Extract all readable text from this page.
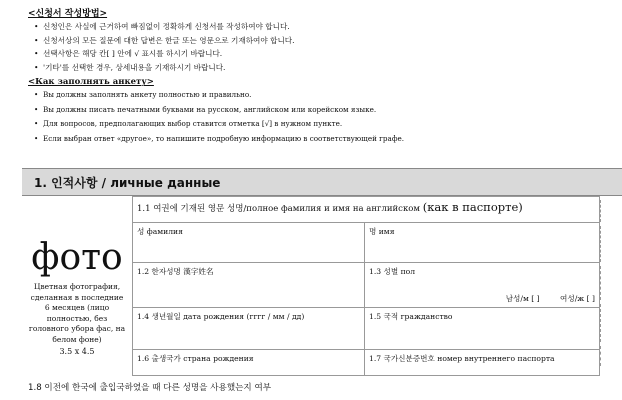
<신청서 작성방법>
• 신청인은 사실에 근거하여 빠짐없이 정확하게 신청서를 작성하여야 합니다.
• 신청서상의 모든 질문에 대한 답변은 한글 또는 영문으로 기재하여야 합니다.
• 선택사항은 해당 칸[ ] 안에 √ 표시를 하시기 바랍니다.
• '기타'를 선택한 경우, 상세내용을 기재하시기 바랍니다.
<Как заполнять анкету>
• Вы должны заполнять анкету полностью и правильно.
• Вы должны писать печатными буквами на русском, английском или корейском языке.
• Для вопросов, предполагающих выбор ставится отметка [√] в нужном пункте.
• Если выбран ответ «другое», то напишите подробную информацию в соответствующей графе.
1. 인적사항 / личные данные
фото
Цветная фотография, сделанная в последние 6 месяцев (лицо полностью, без головного убора фас, на белом фоне)
3.5 x 4.5
1.1 여권에 기재된 영문 성명/полное фамилия и имя на английском (как в паспорте)	
성 фамилия	명 имя
1.2 한자성명 漢字姓名	1.3 성별 пол
남성/м [ ] 여성/ж [ ]

1.4 생년월일 дата рождения (гггг / мм / дд)	1.5 국적 гражданство
1.6 출생국가 страна рождения	1.7 국가신분증번호 номер внутреннего паспорта
1.8 이전에 한국에 출입국하였을 때 다른 성명을 사용했는지 여부
